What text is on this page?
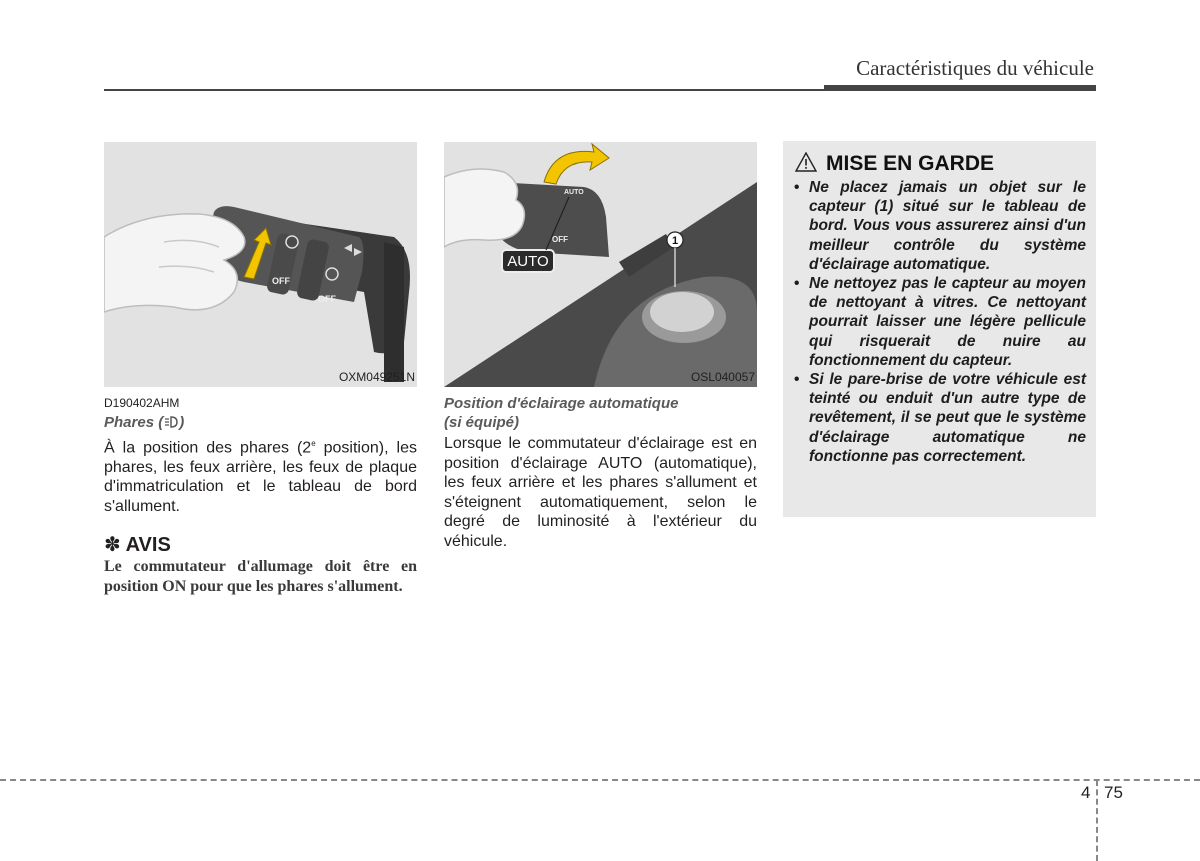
Caractéristiques du véhicule
OFF
OFF
OXM049251N
AUTO
AUTO
OFF	1
OSL040057
D190402AHM
Phares ( )
À la position des phares (2e position), les phares, les feux arrière, les feux de plaque d'immatriculation et le tableau de bord s'allument.
✽ AVIS
Le commutateur d'allumage doit être en position ON pour que les phares s'allument.
Position d'éclairage automatique
(si équipé)
Lorsque le commutateur d'éclairage est en position d'éclairage AUTO (automatique), les feux arrière et les phares s'allument et s'éteignent automatiquement, selon le degré de luminosité à l'extérieur du véhicule.
MISE EN GARDE
• Ne placez jamais un objet sur le capteur (1) situé sur le tableau de bord. Vous vous assurerez ainsi d'un meilleur contrôle du système d'éclairage automatique.
• Ne nettoyez pas le capteur au moyen de nettoyant à vitres. Ce nettoyant pourrait laisser une légère pellicule qui risquerait de nuire au fonctionnement du capteur.
• Si le pare-brise de votre véhicule est teinté ou enduit d'un autre type de revêtement, il se peut que le système d'éclairage automatique ne fonctionne pas correctement.
4 75
